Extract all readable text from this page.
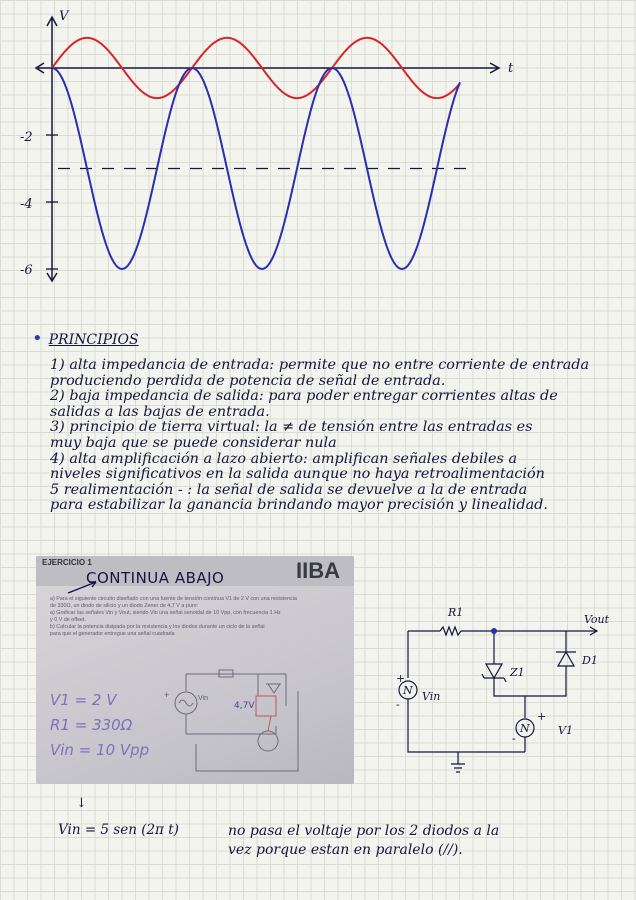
V
t
-2
-4
-6
• PRINCIPIOS
1) alta impedancia de entrada: permite que no entre corriente de entrada
produciendo perdida de potencia de señal de entrada.
2) baja impedancia de salida: para poder entregar corrientes altas de
salidas a las bajas de entrada.
3) principio de tierra virtual: la ≠ de tensión entre las entradas es
muy baja que se puede considerar nula
4) alta amplificación a lazo abierto: amplifican señales debiles a
niveles significativos en la salida aunque no haya retroalimentación
5 realimentación - : la señal de salida se devuelve a la de entrada
para estabilizar la ganancia brindando mayor precisión y linealidad.
EJERCICIO 1	IIBA
CONTINUA ABAJO
a) Para el siguiente circuito diseñado con una fuente de tensión continua V1 de 2 V con una resistencia
de 330Ω, un diodo de silicio y un diodo Zener de 4,7 V a puro:
a) Graficar las señales Vin y Vout, siendo Vin una señal senoidal de 10 Vpp, con frecuencia 1 Hz
y 0 V de offset.
b) Calcular la potencia disipada por la resistencia y los diodos durante un ciclo de la señal
para que el generador entregue una señal cuadrada
+	Vin
4,7V
V1 = 2 V
R1 = 330Ω
Vin = 10 Vpp
N
N
R1
Vout
Z1
D1
Vin
V1
+
-
+
-
↓
Vin = 5 sen (2π t)	no pasa el voltaje por los 2 diodos a la
vez porque estan en paralelo (//).
